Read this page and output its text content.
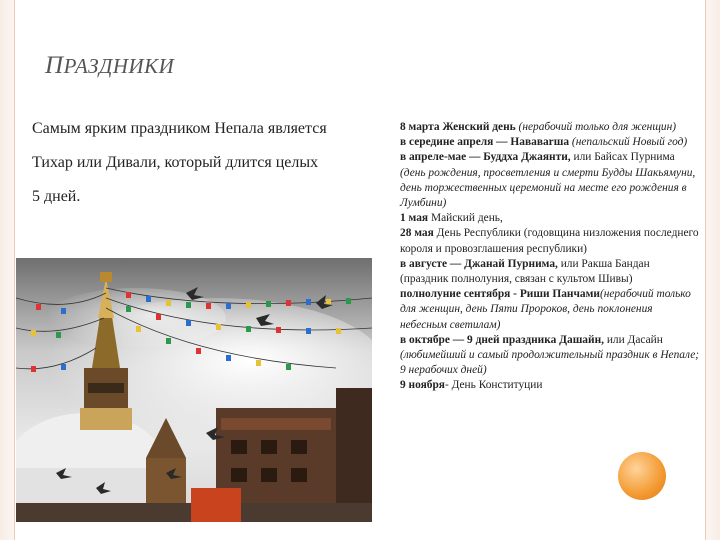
ПРАЗДНИКИ
Самым ярким праздником Непала является
Тихар или Дивали, который длится целых
5 дней.
8 марта Женский день (нерабочий только для женщин)
в середине апреля — Нававarша (непальский Новый год)
в апреле-мае — Буддха Джаянти, или Байсах Пурнима
(день рождения, просветления и смерти Будды Шакьямуни, день торжественных церемоний на месте его рождения в Лумбини)
1 мая Майский день,
28 мая День Республики (годовщина низложения последнего короля и провозглашения республики)
в августе — Джанай Пурнима, или Ракша Бандан (праздник полнолуния, связан с культом Шивы)
полнолуние сентября - Риши Панчами(нерабочий только для женщин, день Пяти Пророков, день поклонения небесным светилам)
в октябре — 9 дней праздника Дашайн, или Дасайн
(любимейший и самый продолжительный праздник в Непале; 9 нерабочих дней)
9 ноября- День Конституции
